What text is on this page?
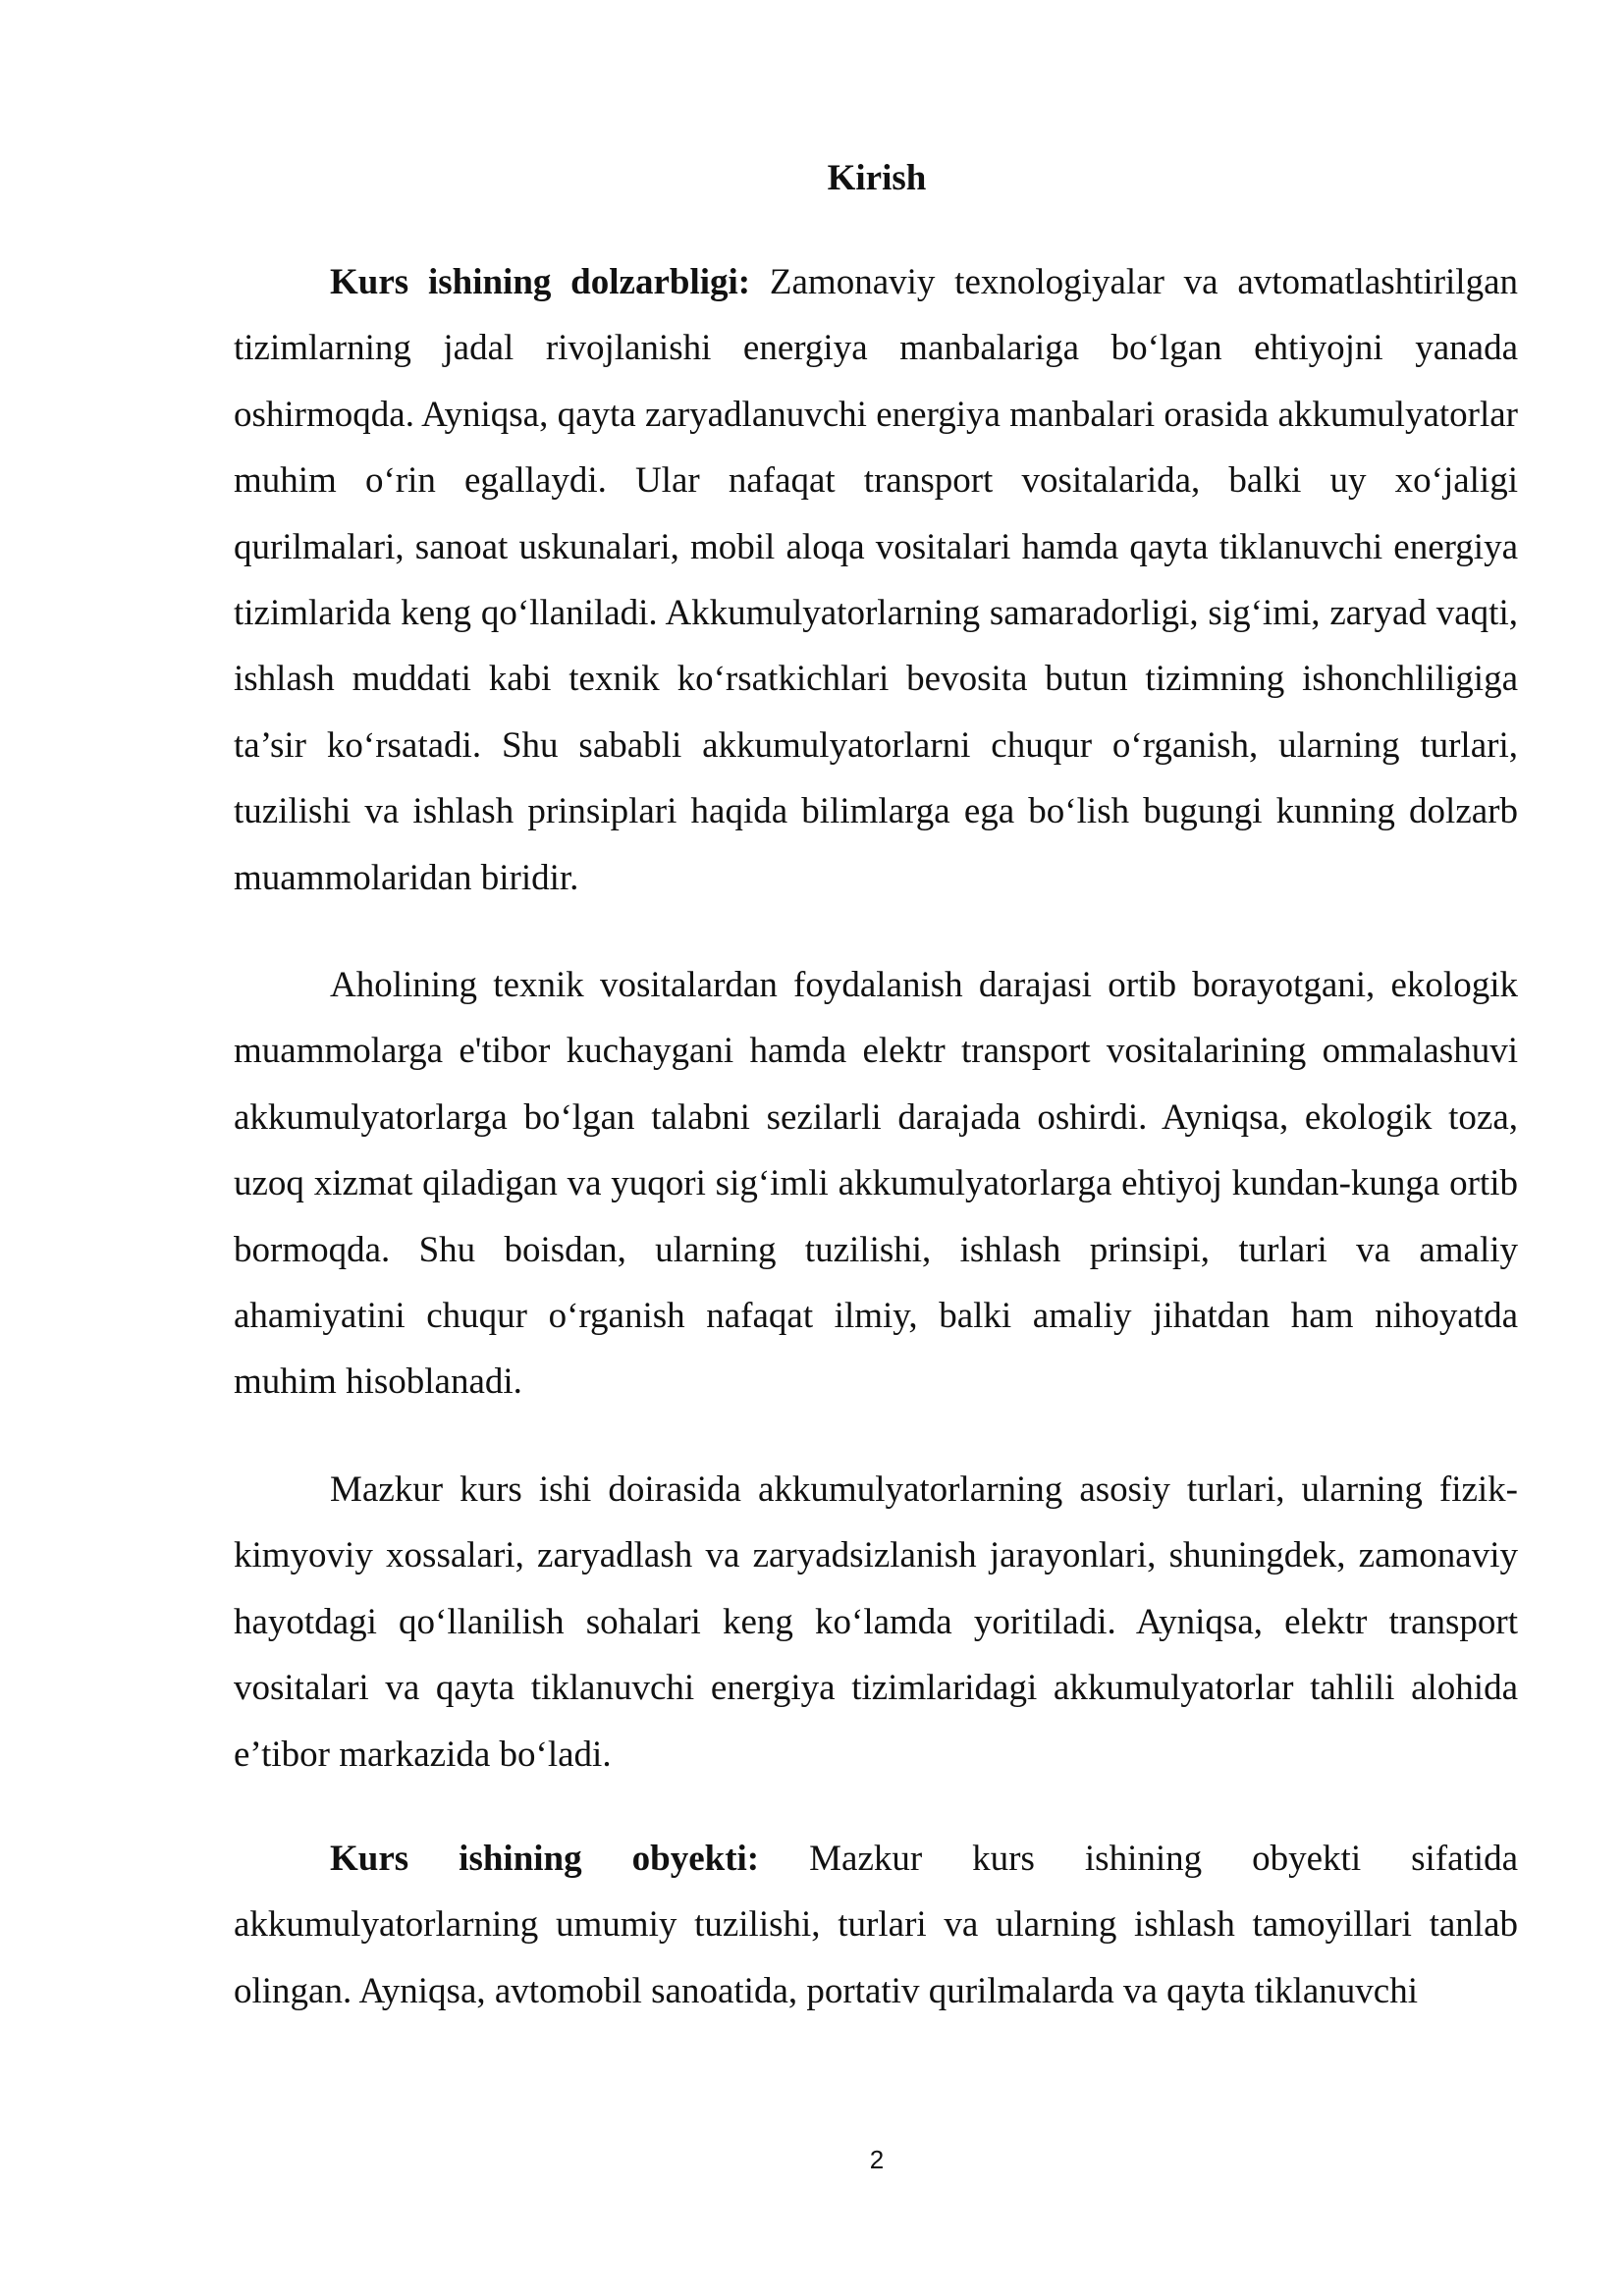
Kirish

Kurs ishining dolzarbligi: Zamonaviy texnologiyalar va avtomatlashtirilgan tizimlarning jadal rivojlanishi energiya manbalariga bo‘lgan ehtiyojni yanada oshirmoqda. Ayniqsa, qayta zaryadlanuvchi energiya manbalari orasida akkumulyatorlar muhim o‘rin egallaydi. Ular nafaqat transport vositalarida, balki uy xo‘jaligi qurilmalari, sanoat uskunalari, mobil aloqa vositalari hamda qayta tiklanuvchi energiya tizimlarida keng qo‘llaniladi. Akkumulyatorlarning samaradorligi, sig‘imi, zaryad vaqti, ishlash muddati kabi texnik ko‘rsatkichlari bevosita butun tizimning ishonchliligiga ta’sir ko‘rsatadi. Shu sababli akkumulyatorlarni chuqur o‘rganish, ularning turlari, tuzilishi va ishlash prinsiplari haqida bilimlarga ega bo‘lish bugungi kunning dolzarb muammolaridan biridir.

Aholining texnik vositalardan foydalanish darajasi ortib borayotgani, ekologik muammolarga e'tibor kuchaygani hamda elektr transport vositalarining ommalashuvi akkumulyatorlarga bo‘lgan talabni sezilarli darajada oshirdi. Ayniqsa, ekologik toza, uzoq xizmat qiladigan va yuqori sig‘imli akkumulyatorlarga ehtiyoj kundan-kunga ortib bormoqda. Shu boisdan, ularning tuzilishi, ishlash prinsipi, turlari va amaliy ahamiyatini chuqur o‘rganish nafaqat ilmiy, balki amaliy jihatdan ham nihoyatda muhim hisoblanadi.

Mazkur kurs ishi doirasida akkumulyatorlarning asosiy turlari, ularning fizik-kimyoviy xossalari, zaryadlash va zaryadsizlanish jarayonlari, shuningdek, zamonaviy hayotdagi qo‘llanilish sohalari keng ko‘lamda yoritiladi. Ayniqsa, elektr transport vositalari va qayta tiklanuvchi energiya tizimlaridagi akkumulyatorlar tahlili alohida e’tibor markazida bo‘ladi.

Kurs ishining obyekti: Mazkur kurs ishining obyekti sifatida akkumulyatorlarning umumiy tuzilishi, turlari va ularning ishlash tamoyillari tanlab olingan. Ayniqsa, avtomobil sanoatida, portativ qurilmalarda va qayta tiklanuvchi

2
